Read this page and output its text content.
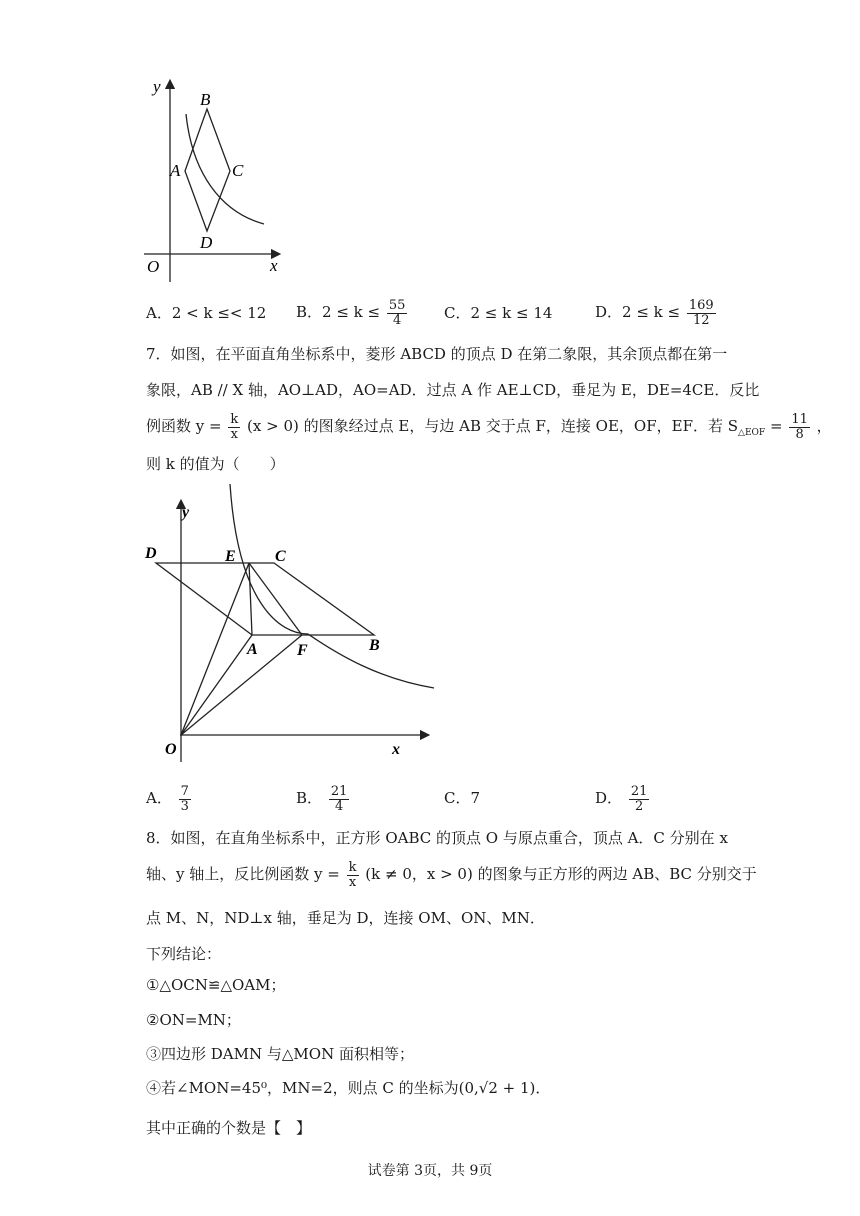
y
x
O
A
B
C
D
A．2 < k ≤< 12 B．$2 \le k \le \frac{55}{4}$ C．2 ≤ k ≤ 14	D．$2 \le k \le \frac{169}{12}$
7．如图，在平面直角坐标系中，菱形 ABCD 的顶点 D 在第二象限，其余顶点都在第一
象限，AB // X 轴，AO⊥AD，AO=AD．过点 A 作 AE⊥CD，垂足为 E，DE=4CE．反比
例函数 $y = \frac{k}{x} (x > 0)$ 的图象经过点 E，与边 AB 交于点 F，连接 OE，OF，EF．若 $S_{\triangle EOF} = \frac{11}{8}$ ，
则 k 的值为（　　）
y
x
O
D	E C
A F	B
A． $\frac{7}{3}$	B． $\frac{21}{4}$	C．7	D． $\frac{21}{2}$
8．如图，在直角坐标系中，正方形 OABC 的顶点 O 与原点重合，顶点 A．C 分别在 x
轴、y 轴上，反比例函数 $y = \frac{k}{x} (k \ne 0$，x > 0) 的图象与正方形的两边 AB、BC 分别交于
点 M、N，ND⊥x 轴，垂足为 D，连接 OM、ON、MN．
下列结论：
①△OCN≌△OAM；
②ON=MN；
③四边形 DAMN 与△MON 面积相等；
④若∠MON=45⁰，MN=2，则点 C 的坐标为(0,√2 + 1)．
其中正确的个数是【　】
试卷第 3页，共 9页
